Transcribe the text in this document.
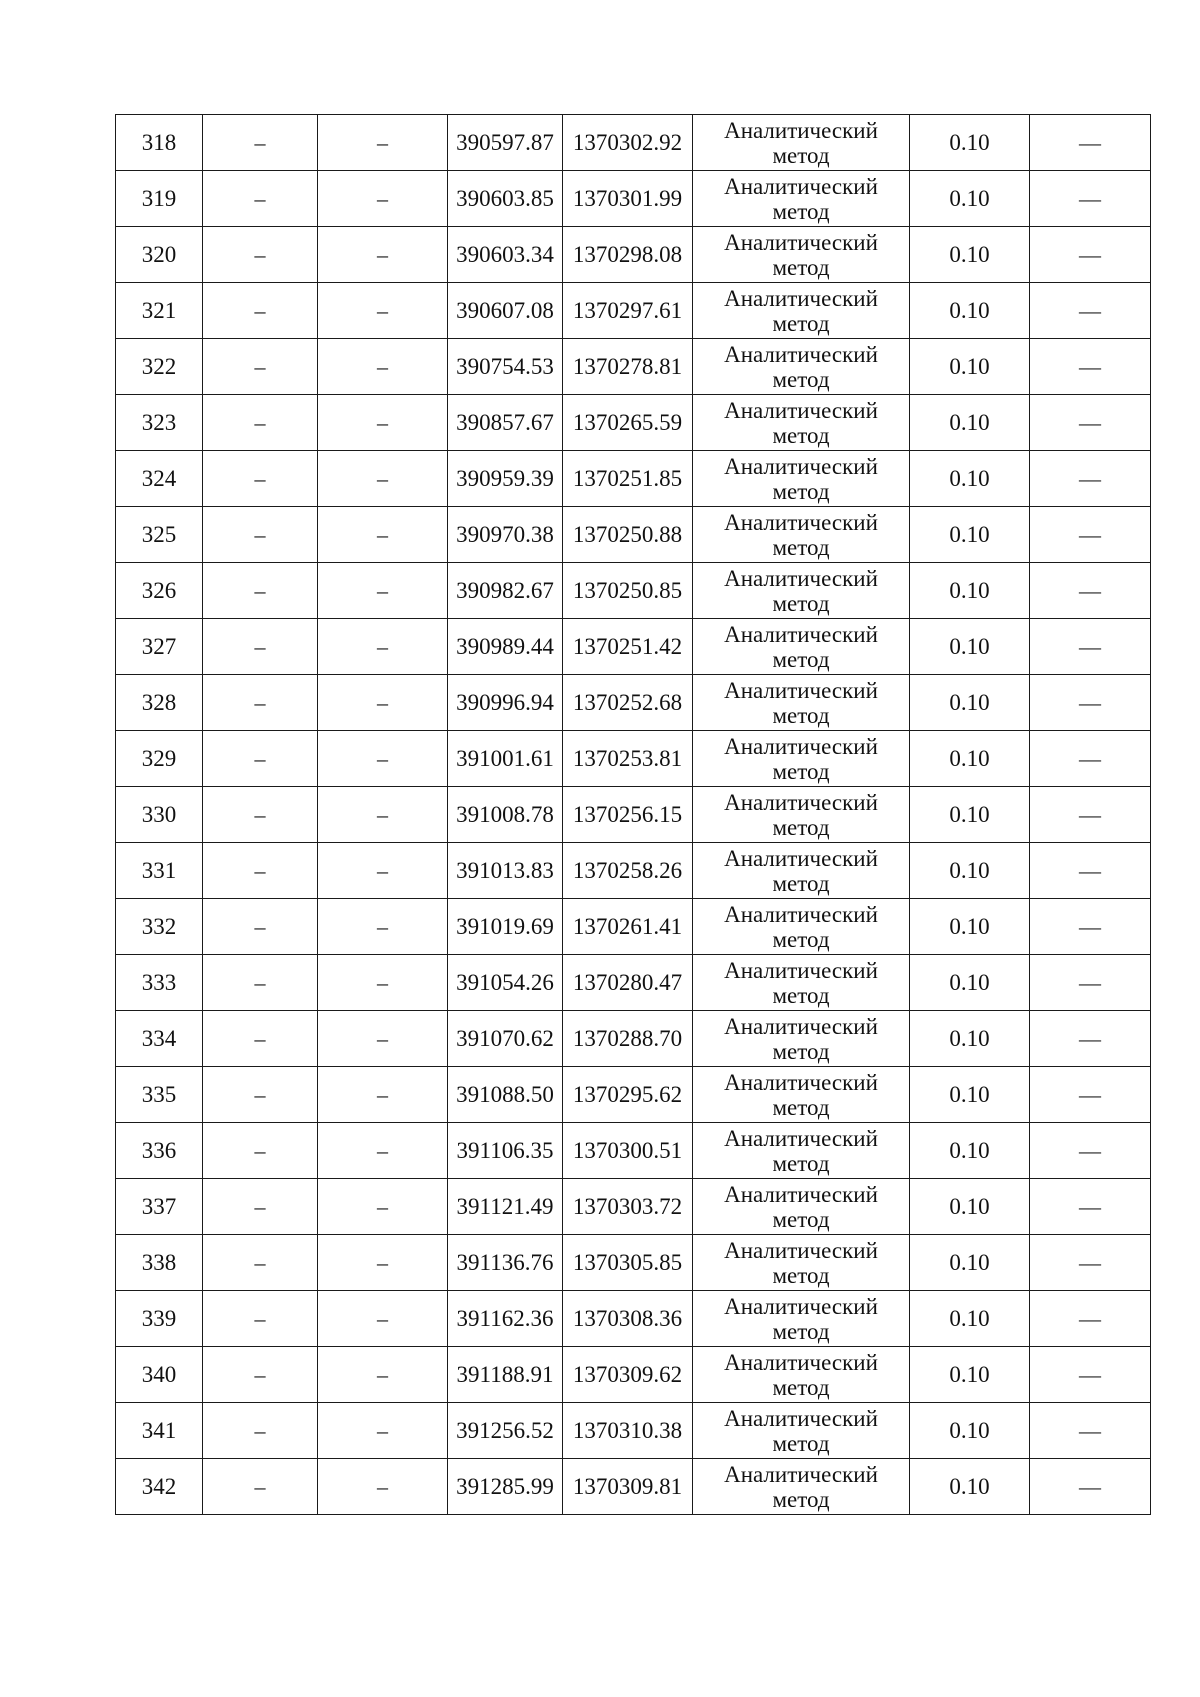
318	–	–	390597.87	1370302.92	Аналитический
метод	0.10	—
319	–	–	390603.85	1370301.99	Аналитический
метод	0.10	—
320	–	–	390603.34	1370298.08	Аналитический
метод	0.10	—
321	–	–	390607.08	1370297.61	Аналитический
метод	0.10	—
322	–	–	390754.53	1370278.81	Аналитический
метод	0.10	—
323	–	–	390857.67	1370265.59	Аналитический
метод	0.10	—
324	–	–	390959.39	1370251.85	Аналитический
метод	0.10	—
325	–	–	390970.38	1370250.88	Аналитический
метод	0.10	—
326	–	–	390982.67	1370250.85	Аналитический
метод	0.10	—
327	–	–	390989.44	1370251.42	Аналитический
метод	0.10	—
328	–	–	390996.94	1370252.68	Аналитический
метод	0.10	—
329	–	–	391001.61	1370253.81	Аналитический
метод	0.10	—
330	–	–	391008.78	1370256.15	Аналитический
метод	0.10	—
331	–	–	391013.83	1370258.26	Аналитический
метод	0.10	—
332	–	–	391019.69	1370261.41	Аналитический
метод	0.10	—
333	–	–	391054.26	1370280.47	Аналитический
метод	0.10	—
334	–	–	391070.62	1370288.70	Аналитический
метод	0.10	—
335	–	–	391088.50	1370295.62	Аналитический
метод	0.10	—
336	–	–	391106.35	1370300.51	Аналитический
метод	0.10	—
337	–	–	391121.49	1370303.72	Аналитический
метод	0.10	—
338	–	–	391136.76	1370305.85	Аналитический
метод	0.10	—
339	–	–	391162.36	1370308.36	Аналитический
метод	0.10	—
340	–	–	391188.91	1370309.62	Аналитический
метод	0.10	—
341	–	–	391256.52	1370310.38	Аналитический
метод	0.10	—
342	–	–	391285.99	1370309.81	Аналитический
метод	0.10	—
